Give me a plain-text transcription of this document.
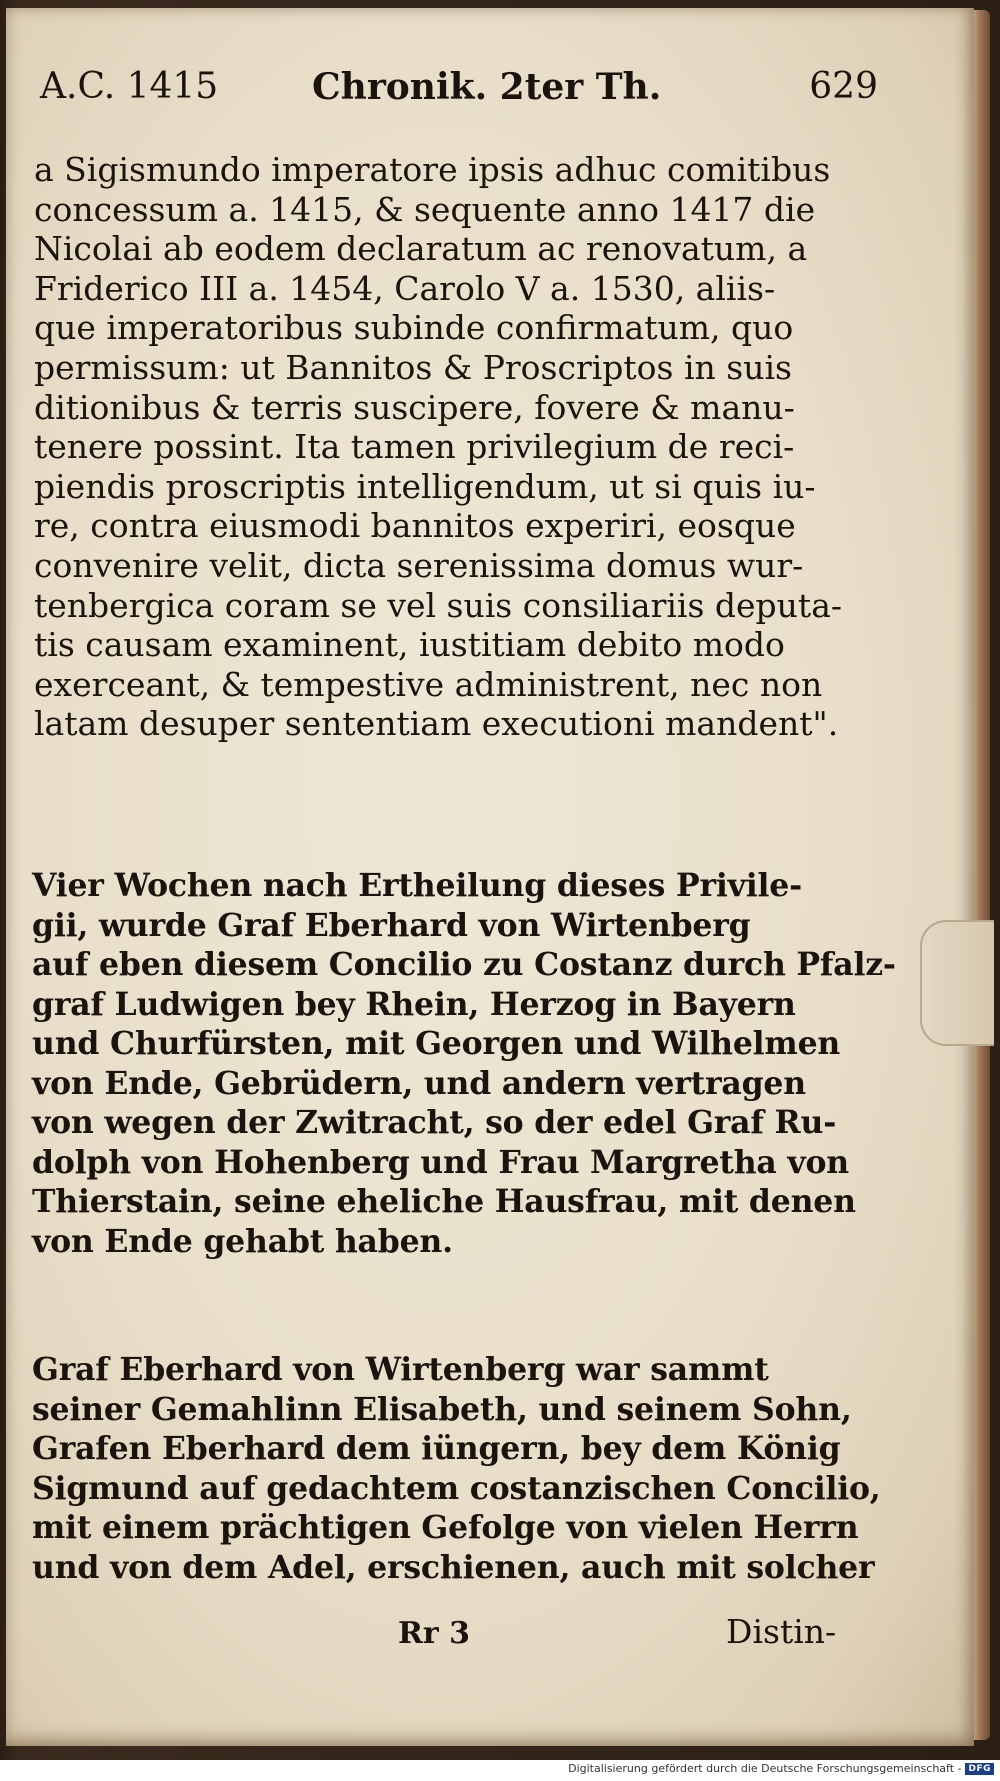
A.C. 1415	Chronik. 2ter Th.	629

a Sigismundo imperatore ipsis adhuc comitibus
concessum a. 1415, & sequente anno 1417 die
Nicolai ab eodem declaratum ac renovatum, a
Friderico III a. 1454, Carolo V a. 1530, aliis-
que imperatoribus subinde confirmatum, quo
permissum: ut Bannitos & Proscriptos in suis
ditionibus & terris suscipere, fovere & manu-
tenere possint. Ita tamen privilegium de reci-
piendis proscriptis intelligendum, ut si quis iu-
re, contra eiusmodi bannitos experiri, eosque
convenire velit, dicta serenissima domus wur-
tenbergica coram se vel suis consiliariis deputa-
tis causam examinent, iustitiam debito modo
exerceant, & tempestive administrent, nec non
latam desuper sententiam executioni mandent".

Vier Wochen nach Ertheilung dieses Privile-
gii, wurde Graf Eberhard von Wirtenberg
auf eben diesem Concilio zu Costanz durch Pfalz-
graf Ludwigen bey Rhein, Herzog in Bayern
und Churfürsten, mit Georgen und Wilhelmen
von Ende, Gebrüdern, und andern vertragen
von wegen der Zwitracht, so der edel Graf Ru-
dolph von Hohenberg und Frau Margretha von
Thierstain, seine eheliche Hausfrau, mit denen
von Ende gehabt haben.

Graf Eberhard von Wirtenberg war sammt
seiner Gemahlinn Elisabeth, und seinem Sohn,
Grafen Eberhard dem iüngern, bey dem König
Sigmund auf gedachtem costanzischen Concilio,
mit einem prächtigen Gefolge von vielen Herrn
und von dem Adel, erschienen, auch mit solcher

Rr 3	Distin-
Digitalisierung gefördert durch die Deutsche Forschungsgemeinschaft - DFG
